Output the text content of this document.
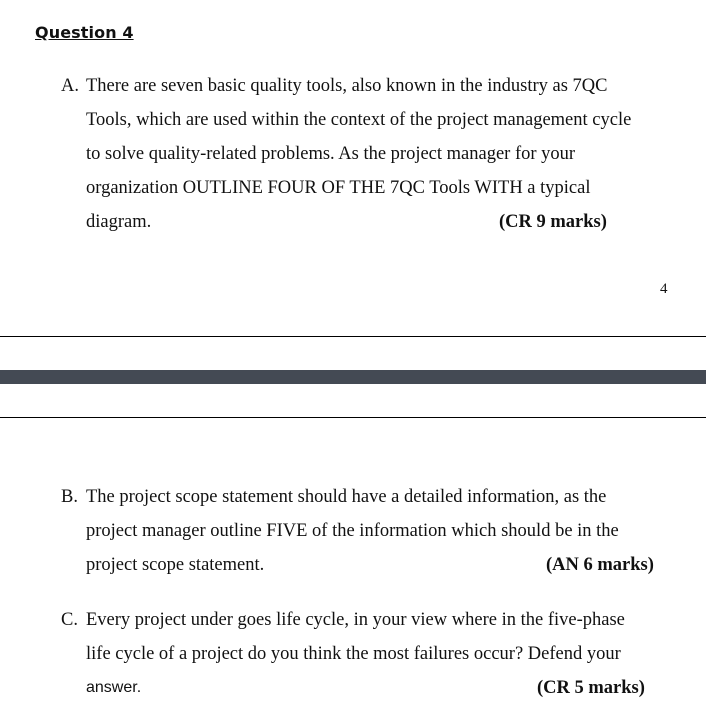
Question 4
A. There are seven basic quality tools, also known in the industry as 7QC
Tools, which are used within the context of the project management cycle
to solve quality-related problems. As the project manager for your
organization OUTLINE FOUR OF THE 7QC Tools WITH a typical
diagram.	(CR 9 marks)
4
B. The project scope statement should have a detailed information, as the
project manager outline FIVE of the information which should be in the
project scope statement.	(AN 6 marks)
C. Every project under goes life cycle, in your view where in the five-phase
life cycle of a project do you think the most failures occur? Defend your
answer.	(CR 5 marks)
